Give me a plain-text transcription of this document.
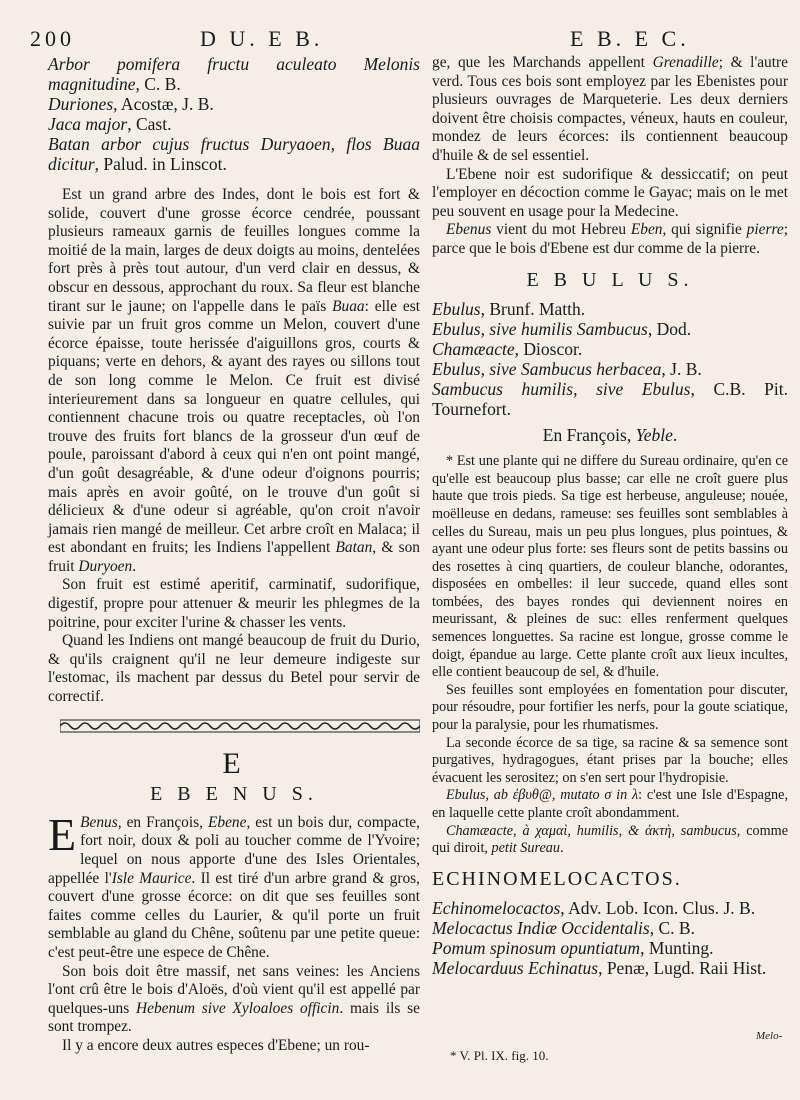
200	D U. E B.	E B. E C.

Arbor pomifera fructu aculeato Melonis magnitudine, C. B.

Duriones, Acostæ, J. B.

Jaca major, Cast.

Batan arbor cujus fructus Duryaoen, flos Buaa dicitur, Palud. in Linscot.

Est un grand arbre des Indes, dont le bois est fort & solide, couvert d'une grosse écorce cendrée, poussant plusieurs rameaux garnis de feuilles longues comme la moitié de la main, larges de deux doigts au moins, dentelées fort près à près tout autour, d'un verd clair en dessus, & obscur en dessous, approchant du roux. Sa fleur est blanche tirant sur le jaune; on l'appelle dans le païs Buaa: elle est suivie par un fruit gros comme un Melon, couvert d'une écorce épaisse, toute herissée d'aiguillons gros, courts & piquans; verte en dehors, & ayant des rayes ou sillons tout de son long comme le Melon. Ce fruit est divisé interieurement dans sa longueur en quatre cellules, qui contiennent chacune trois ou quatre receptacles, où l'on trouve des fruits fort blancs de la grosseur d'un œuf de poule, paroissant d'abord à ceux qui n'en ont point mangé, d'un goût desagréable, & d'une odeur d'oignons pourris; mais après en avoir goûté, on le trouve d'un goût si délicieux & d'une odeur si agréable, qu'on croit n'avoir jamais rien mangé de meilleur. Cet arbre croît en Malaca; il est abondant en fruits; les Indiens l'appellent Batan, & son fruit Duryoen.

Son fruit est estimé aperitif, carminatif, sudorifique, digestif, propre pour attenuer & meurir les phlegmes de la poitrine, pour exciter l'urine & chasser les vents.

Quand les Indiens ont mangé beaucoup de fruit du Durio, & qu'ils craignent qu'il ne leur demeure indigeste sur l'estomac, ils machent par dessus du Betel pour servir de correctif.

E

E B E N U S.

E Benus, en François, Ebene, est un bois dur, compacte, fort noir, doux & poli au toucher comme de l'Yvoire; lequel on nous apporte d'une des Isles Orientales, appellée l'Isle Maurice. Il est tiré d'un arbre grand & gros, couvert d'une grosse écorce: on dit que ses feuilles sont faites comme celles du Laurier, & qu'il porte un fruit semblable au gland du Chêne, soûtenu par une petite queue: c'est peut-être une espece de Chêne.

Son bois doit être massif, net sans veines: les Anciens l'ont crû être le bois d'Aloës, d'où vient qu'il est appellé par quelques-uns Hebenum sive Xyloaloes officin. mais ils se sont trompez.

Il y a encore deux autres especes d'Ebene; un rou-

ge, que les Marchands appellent Grenadille; & l'autre verd. Tous ces bois sont employez par les Ebenistes pour plusieurs ouvrages de Marqueterie. Les deux derniers doivent être choisis compactes, véneux, hauts en couleur, mondez de leurs écorces: ils contiennent beaucoup d'huile & de sel essentiel.

L'Ebene noir est sudorifique & dessiccatif; on peut l'employer en décoction comme le Gayac; mais on le met peu souvent en usage pour la Medecine.

Ebenus vient du mot Hebreu Eben, qui signifie pierre; parce que le bois d'Ebene est dur comme de la pierre.

E B U L U S.

Ebulus, Brunf. Matth.

Ebulus, sive humilis Sambucus, Dod.

Chamæacte, Dioscor.

Ebulus, sive Sambucus herbacea, J. B.

Sambucus humilis, sive Ebulus, C.B. Pit. Tournefort.

En François, Yeble.

* Est une plante qui ne differe du Sureau ordinaire, qu'en ce qu'elle est beaucoup plus basse; car elle ne croît guere plus haute que trois pieds. Sa tige est herbeuse, anguleuse; nouée, moëlleuse en dedans, rameuse: ses feuilles sont semblables à celles du Sureau, mais un peu plus longues, plus pointues, & ayant une odeur plus forte: ses fleurs sont de petits bassins ou des rosettes à cinq quartiers, de couleur blanche, odorantes, disposées en ombelles: il leur succede, quand elles sont tombées, des bayes rondes qui deviennent noires en meurissant, & pleines de suc: elles renferment quelques semences longuettes. Sa racine est longue, grosse comme le doigt, épandue au large. Cette plante croît aux lieux incultes, elle contient beaucoup de sel, & d'huile.

Ses feuilles sont employées en fomentation pour discuter, pour résoudre, pour fortifier les nerfs, pour la goute sciatique, pour la paralysie, pour les rhumatismes.

La seconde écorce de sa tige, sa racine & sa semence sont purgatives, hydragogues, étant prises par la bouche; elles évacuent les serositez; on s'en sert pour l'hydropisie.

Ebulus, ab ἐβυθ@, mutato σ in λ: c'est une Isle d'Espagne, en laquelle cette plante croît abondamment.

Chamæacte, à χαμαὶ, humilis, & ἀκτὴ, sambucus, comme qui diroit, petit Sureau.

ECHINOMELOCACTOS.

Echinomelocactos, Adv. Lob. Icon. Clus. J. B.

Melocactus Indiæ Occidentalis, C. B.

Pomum spinosum opuntiatum, Munting.

Melocarduus Echinatus, Penæ, Lugd. Raii Hist.

Melo-
* V. Pl. IX. fig. 10.
